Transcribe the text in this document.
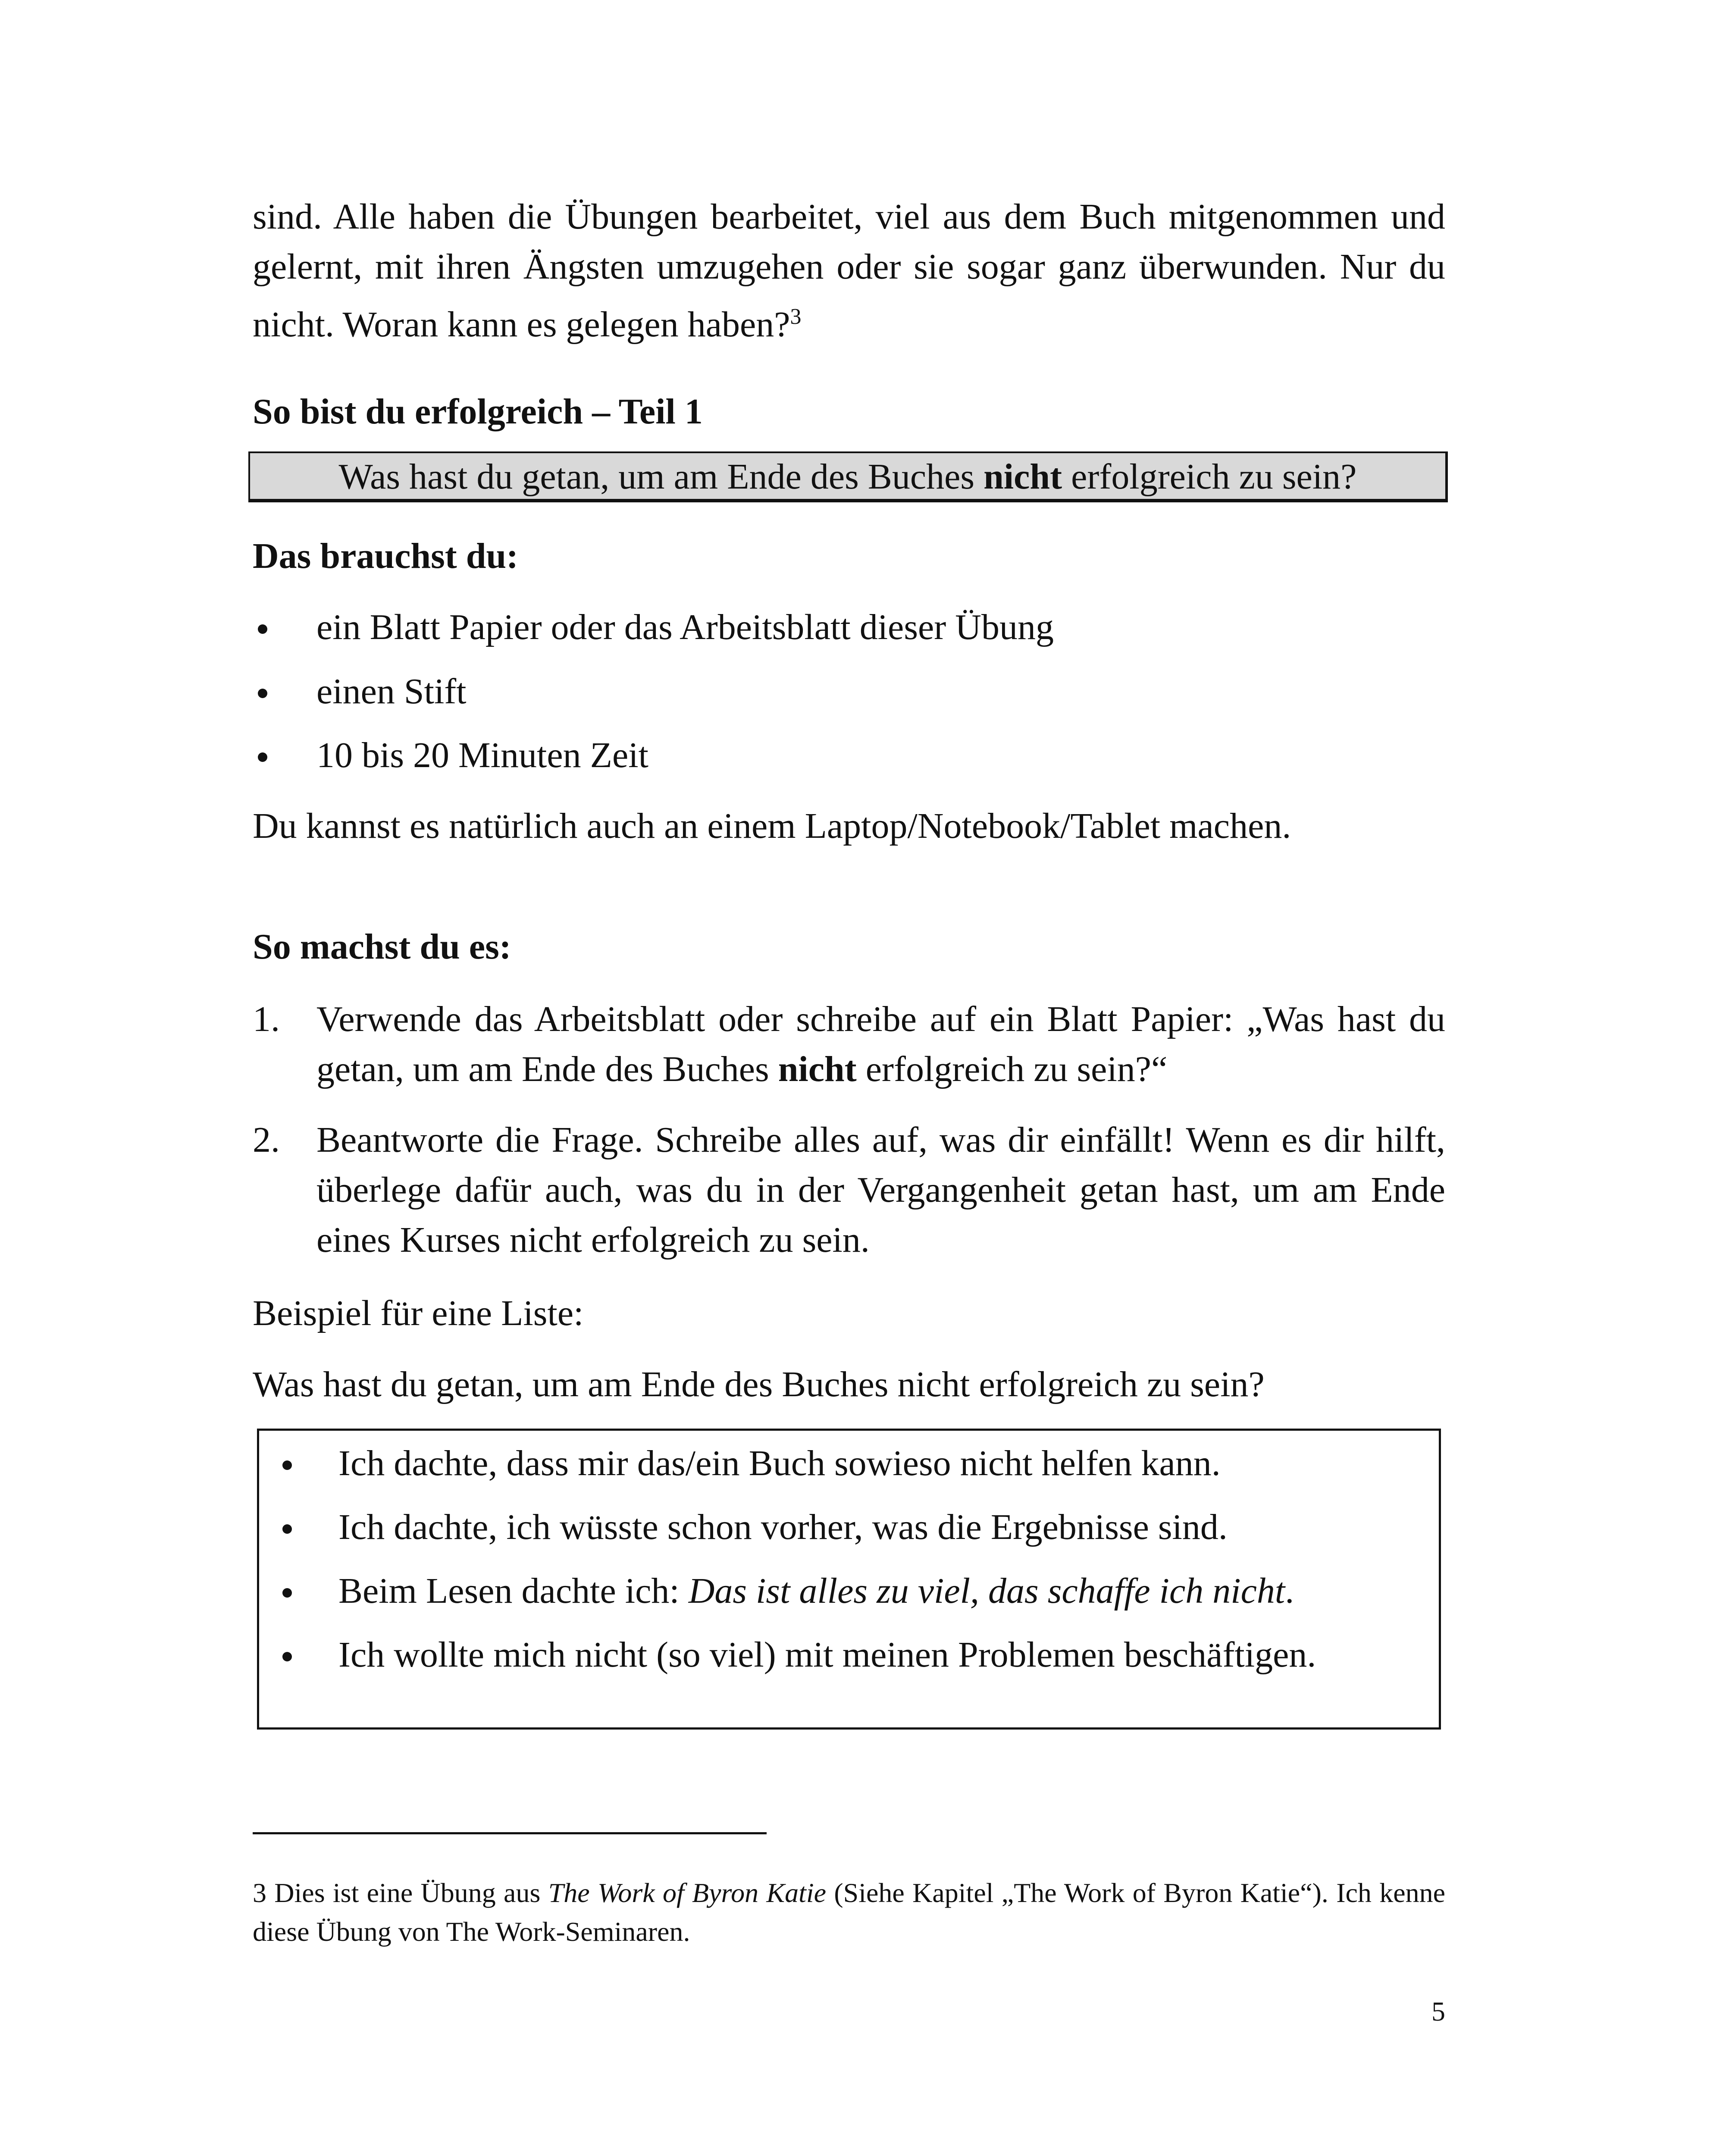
sind. Alle haben die Übungen bearbeitet, viel aus dem Buch mitgenommen und gelernt, mit ihren Ängsten umzugehen oder sie sogar ganz überwunden. Nur du nicht. Woran kann es gelegen haben?$^3$
So bist du erfolgreich – Teil 1
Was hast du getan, um am Ende des Buches nicht erfolgreich zu sein?
Das brauchst du:
ein Blatt Papier oder das Arbeitsblatt dieser Übung
einen Stift
10 bis 20 Minuten Zeit
Du kannst es natürlich auch an einem Laptop/Notebook/Tablet machen.
So machst du es:
1. Verwende das Arbeitsblatt oder schreibe auf ein Blatt Papier: „Was hast du getan, um am Ende des Buches nicht erfolgreich zu sein?“
2. Beantworte die Frage. Schreibe alles auf, was dir einfällt! Wenn es dir hilft, überlege dafür auch, was du in der Vergangenheit getan hast, um am Ende eines Kurses nicht erfolgreich zu sein.
Beispiel für eine Liste:
Was hast du getan, um am Ende des Buches nicht erfolgreich zu sein?
Ich dachte, dass mir das/ein Buch sowieso nicht helfen kann.
Ich dachte, ich wüsste schon vorher, was die Ergebnisse sind.
Beim Lesen dachte ich: Das ist alles zu viel, das schaffe ich nicht.
Ich wollte mich nicht (so viel) mit meinen Problemen beschäftigen.
3 Dies ist eine Übung aus The Work of Byron Katie (Siehe Kapitel „The Work of Byron Katie“). Ich kenne diese Übung von The Work-Seminaren.
5
